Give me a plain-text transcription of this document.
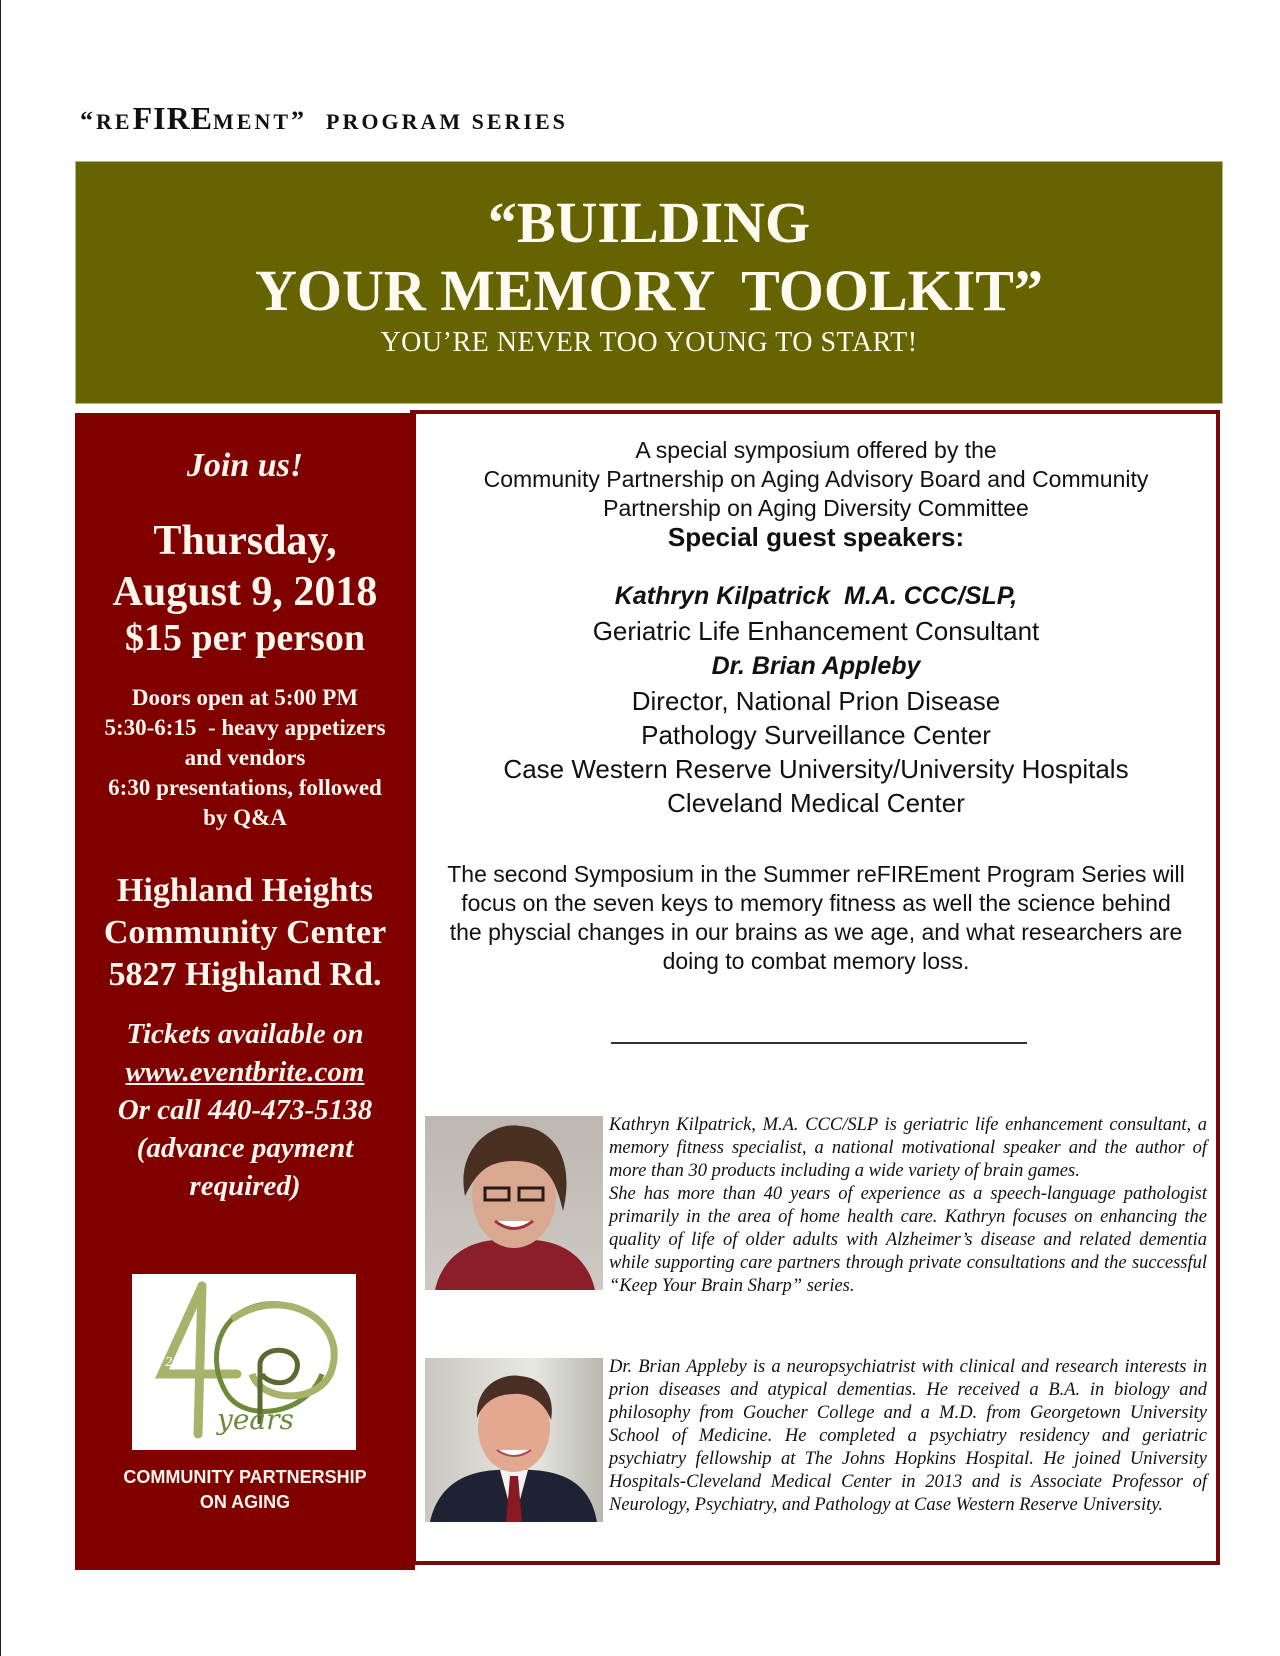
“REFIREMENT” PROGRAM SERIES
“BUILDING
YOUR MEMORY  TOOLKIT”
YOU’RE NEVER TOO YOUNG TO START!
Join us!
Thursday,
August 9, 2018
$15 per person
Doors open at 5:00 PM
5:30-6:15  - heavy appetizers
and vendors
6:30 presentations, followed
by Q&A
Highland Heights
Community Center
5827 Highland Rd.
Tickets available on
www.eventbrite.com
Or call 440-473-5138
(advance payment
required)
2018
years
COMMUNITY PARTNERSHIP
ON AGING
A special symposium offered by the
Community Partnership on Aging Advisory Board and Community
Partnership on Aging Diversity Committee
Special guest speakers:
Kathryn Kilpatrick  M.A. CCC/SLP,
Geriatric Life Enhancement Consultant
Dr. Brian Appleby
Director, National Prion Disease
Pathology Surveillance Center
Case Western Reserve University/University Hospitals
Cleveland Medical Center
The second Symposium in the Summer reFIREment Program Series will focus on the seven keys to memory fitness as well the science behind the physcial changes in our brains as we age, and what researchers are doing to combat memory loss.
Kathryn Kilpatrick, M.A. CCC/SLP is geriatric life enhancement consultant, a memory fitness specialist, a national motivational speaker and the author of more than 30 products including a wide variety of brain games.
She has more than 40 years of experience as a speech-language pathologist primarily in the area of home health care. Kathryn focuses on enhancing the quality of life of older adults with Alzheimer’s disease and related dementia while supporting care partners through private consultations and the successful “Keep Your Brain Sharp” series.
Dr. Brian Appleby is a neuropsychiatrist with clinical and research interests in prion diseases and atypical dementias. He received a B.A. in biology and philosophy from Goucher College and a M.D. from Georgetown University School of Medicine. He completed a psychiatry residency and geriatric psychiatry fellowship at The Johns Hopkins Hospital. He joined University Hospitals-Cleveland Medical Center in 2013 and is Associate Professor of Neurology, Psychiatry, and Pathology at Case Western Reserve University.
